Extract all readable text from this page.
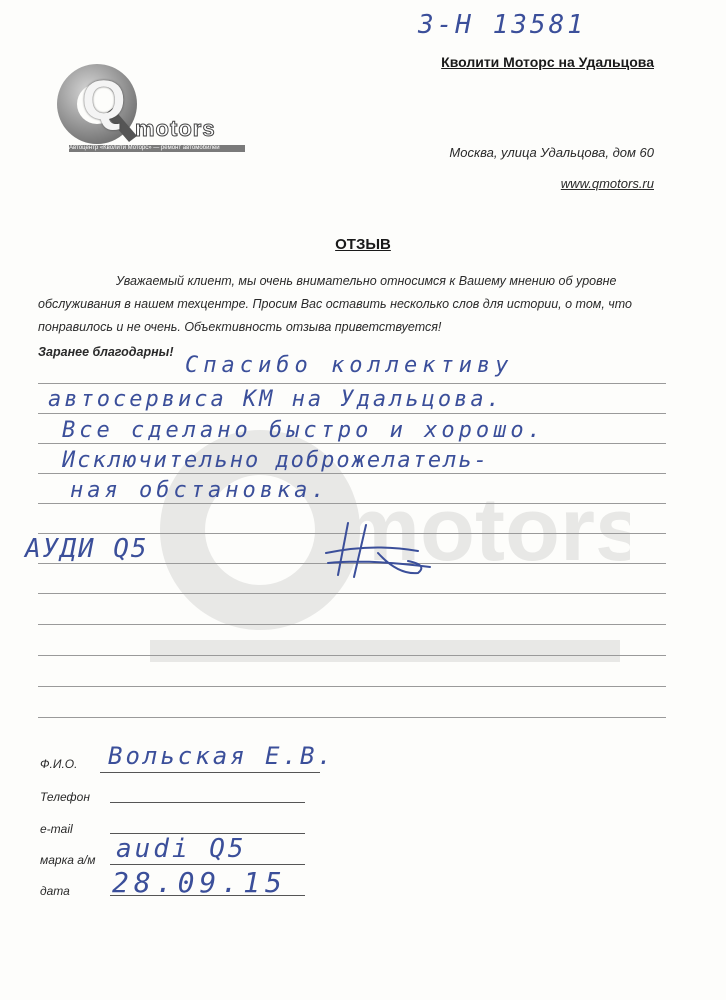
motors
3-H 13581
Кволити Моторс на Удальцова
Q motors
Автоцентр «Кволити Моторс» — ремонт автомобилей	Москва, улица Удальцова, дом 60
www.qmotors.ru
ОТЗЫВ
Уважаемый клиент, мы очень внимательно относимся к Вашему мнению об уровне обслуживания в нашем техцентре. Просим Вас оставить несколько слов для истории, о том, что понравилось и не очень. Объективность отзыва приветствуется!
Заранее благодарны!
Спасибо коллективу
автосервиса КМ на Удальцова.
Все сделано быстро и хорошо.
Исключительно доброжелатель-
ная обстановка.
AУДИ Q5
Ф.И.О. Вольская Е.В.
Телефон
e-mail
марка а/м audi Q5
дата 28.09.15
